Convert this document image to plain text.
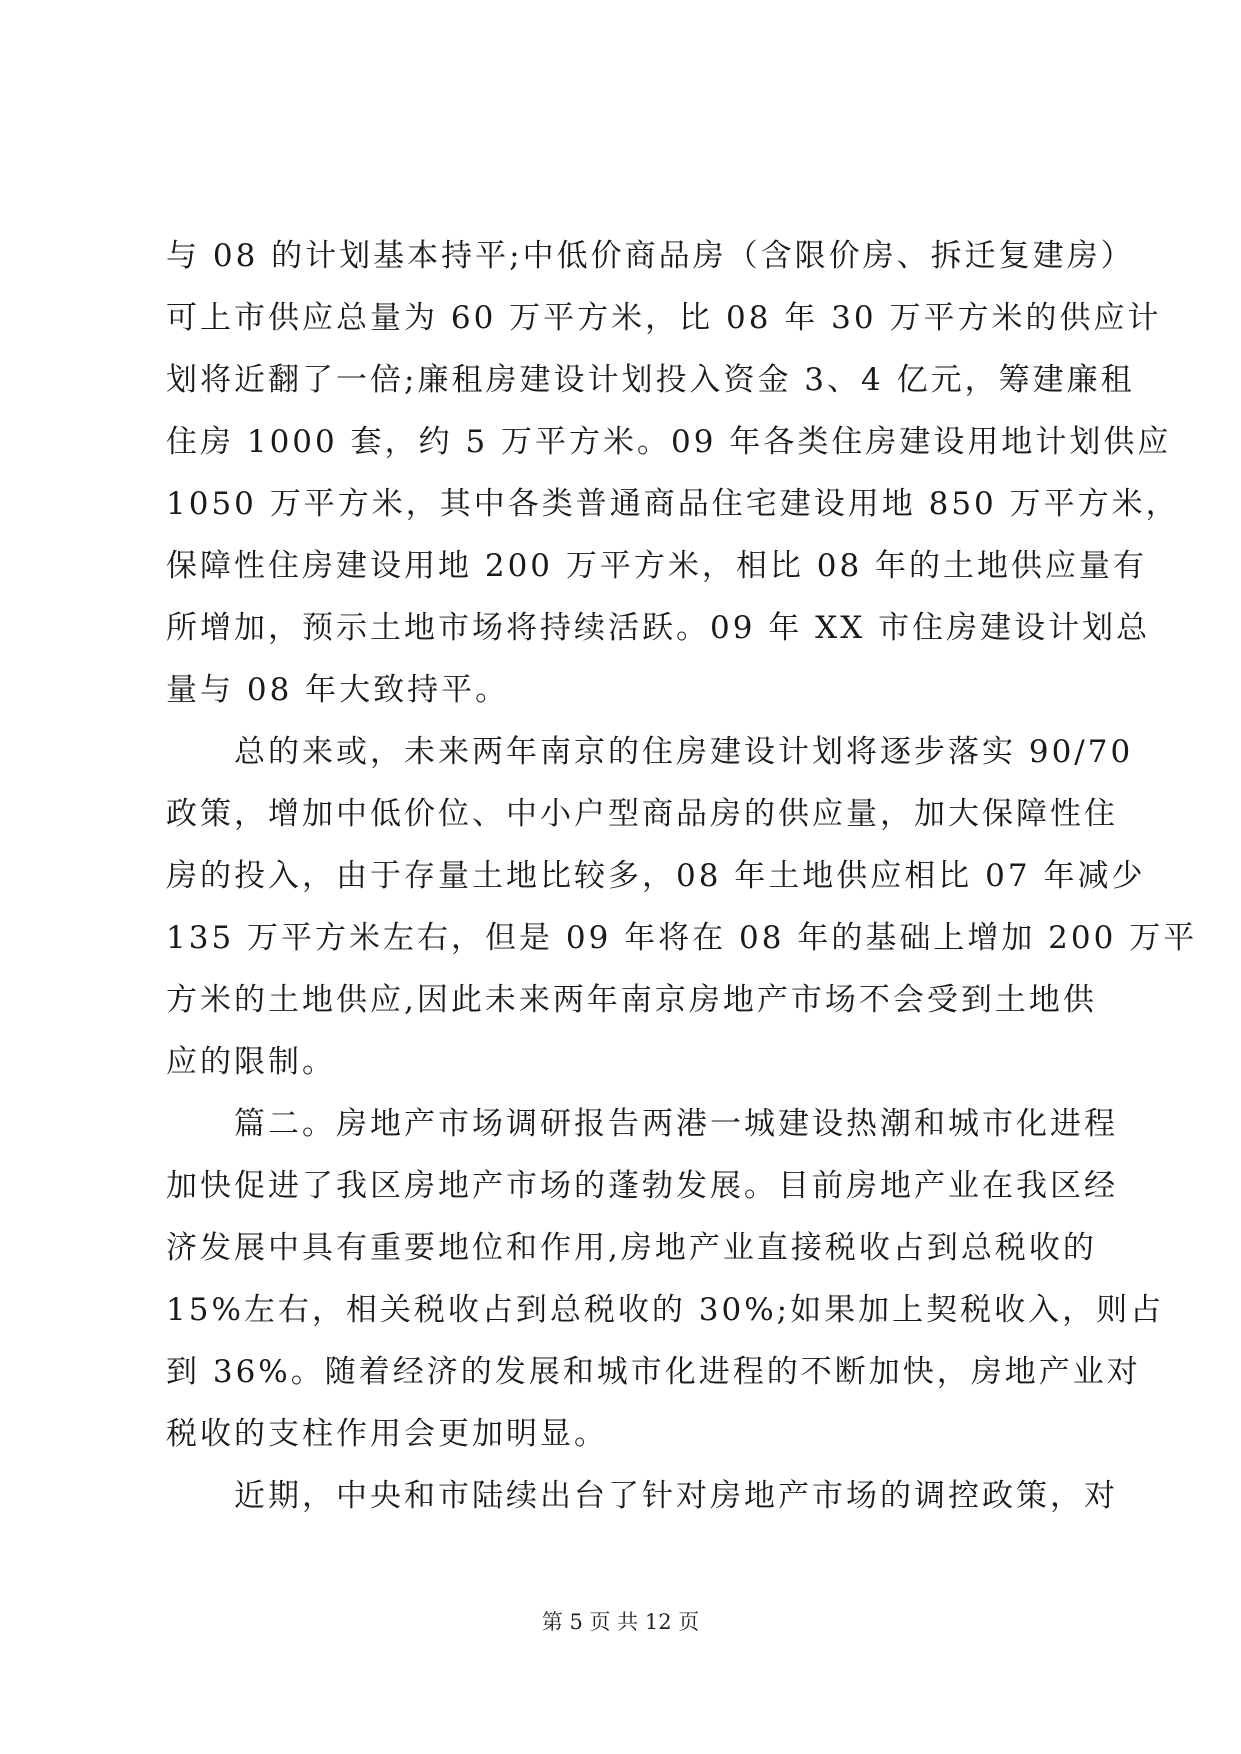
与 08 的计划基本持平;中低价商品房（含限价房、拆迁复建房）
可上市供应总量为 60 万平方米，比 08 年 30 万平方米的供应计
划将近翻了一倍;廉租房建设计划投入资金 3、4 亿元，筹建廉租
住房 1000 套，约 5 万平方米。09 年各类住房建设用地计划供应
1050 万平方米，其中各类普通商品住宅建设用地 850 万平方米，
保障性住房建设用地 200 万平方米，相比 08 年的土地供应量有
所增加，预示土地市场将持续活跃。09 年 XX 市住房建设计划总
量与 08 年大致持平。
　　总的来或，未来两年南京的住房建设计划将逐步落实 90/70
政策，增加中低价位、中小户型商品房的供应量，加大保障性住
房的投入，由于存量土地比较多，08 年土地供应相比 07 年减少
135 万平方米左右，但是 09 年将在 08 年的基础上增加 200 万平
方米的土地供应,因此未来两年南京房地产市场不会受到土地供
应的限制。
　　篇二。房地产市场调研报告两港一城建设热潮和城市化进程
加快促进了我区房地产市场的蓬勃发展。目前房地产业在我区经
济发展中具有重要地位和作用,房地产业直接税收占到总税收的
15%左右，相关税收占到总税收的 30%;如果加上契税收入，则占
到 36%。随着经济的发展和城市化进程的不断加快，房地产业对
税收的支柱作用会更加明显。
　　近期，中央和市陆续出台了针对房地产市场的调控政策，对
第 5 页 共 12 页
